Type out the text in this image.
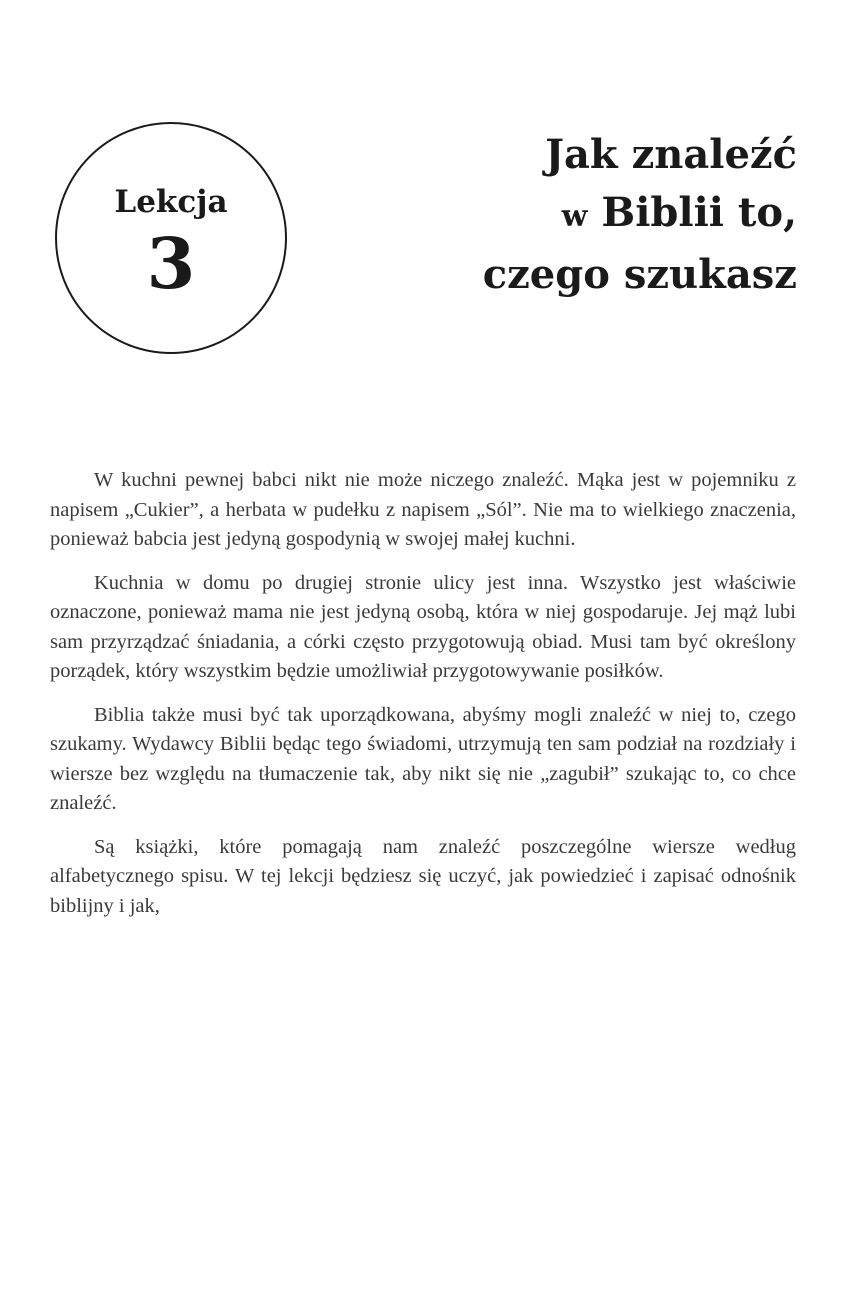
Lekcja
3
Jak znaleźć
w Biblii to,
czego szukasz

W kuchni pewnej babci nikt nie może niczego znaleźć. Mąka jest w pojemniku z napisem „Cukier”, a herbata w pudełku z napisem „Sól”. Nie ma to wielkiego znaczenia, ponieważ babcia jest jedyną gospodynią w swojej małej kuchni.

Kuchnia w domu po drugiej stronie ulicy jest inna. Wszystko jest właściwie oznaczone, ponieważ mama nie jest jedyną osobą, która w niej gospodaruje. Jej mąż lubi sam przyrządzać śniadania, a córki często przygotowują obiad. Musi tam być określony porządek, który wszystkim będzie umożliwiał przygotowywanie posiłków.

Biblia także musi być tak uporządkowana, abyśmy mogli znaleźć w niej to, czego szukamy. Wydawcy Biblii będąc tego świadomi, utrzymują ten sam podział na rozdziały i wiersze bez względu na tłumaczenie tak, aby nikt się nie „zagubił” szukając to, co chce znaleźć.

Są książki, które pomagają nam znaleźć poszczególne wiersze według alfabetycznego spisu. W tej lekcji będziesz się uczyć, jak powiedzieć i zapisać odnośnik biblijny i jak,
